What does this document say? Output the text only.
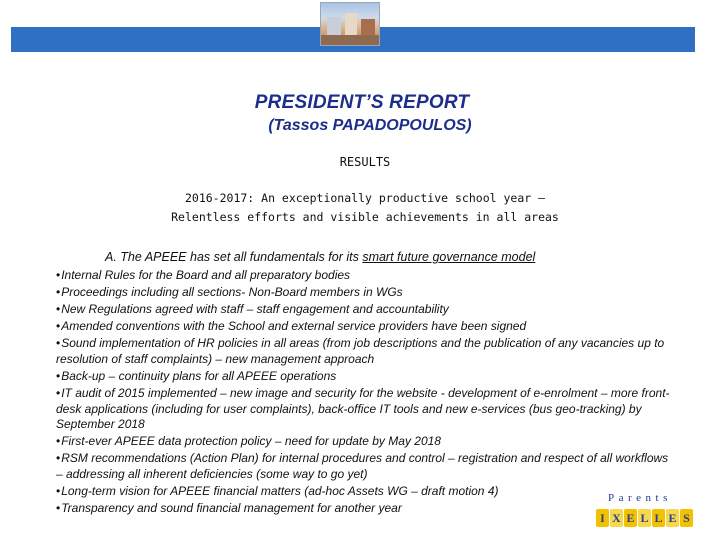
PRESIDENT’S REPORT
(Tassos PAPADOPOULOS)
RESULTS
2016-2017: An exceptionally productive school year –
Relentless efforts and visible achievements in all areas
A. The APEEE has set all fundamentals for its smart future governance model
• Internal Rules for the Board and all preparatory bodies
• Proceedings including all sections- Non-Board members in WGs
• New Regulations agreed with staff – staff engagement and accountability
• Amended conventions with the School and external service providers have been signed
• Sound implementation of HR policies in all areas (from job descriptions and the publication of any vacancies up to resolution of staff complaints) – new management approach
• Back-up – continuity plans for all APEEE operations
• IT audit of 2015 implemented – new image and security for the website - development of e-enrolment – more front-desk applications (including for user complaints), back-office IT tools and new e-services (bus geo-tracking) by September 2018
• First-ever APEEE data protection policy – need for update by May 2018
• RSM recommendations (Action Plan) for internal procedures and control – registration and respect of all workflows – addressing all inherent deficiencies (some way to go yet)
• Long-term vision for APEEE financial matters (ad-hoc Assets WG – draft motion 4)
• Transparency and sound financial management for another year
Parents
I X E L L E S
